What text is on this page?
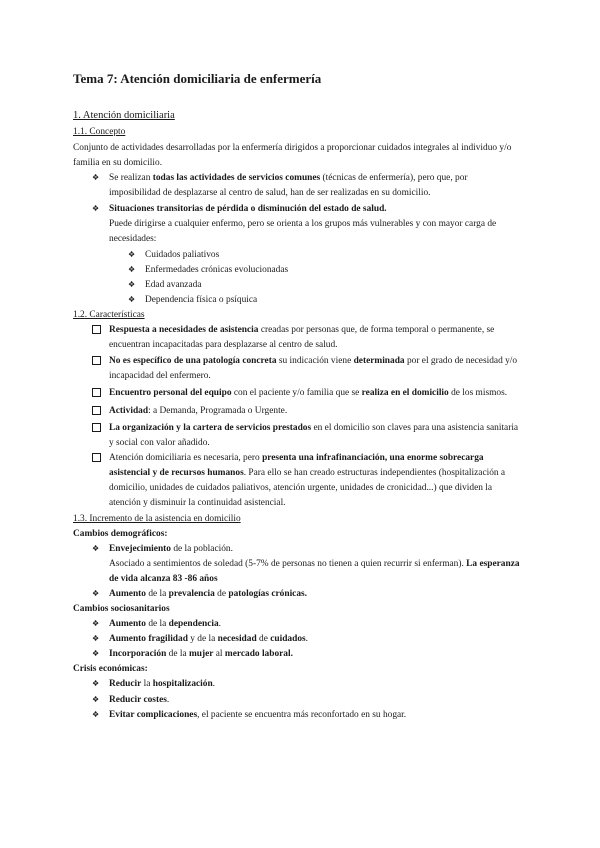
Tema 7: Atención domiciliaria de enfermería
1. Atención domiciliaria
1.1. Concepto
Conjunto de actividades desarrolladas por la enfermería dirigidos a proporcionar cuidados integrales al individuo y/o
familia en su domicilio.
❖ Se realizan todas las actividades de servicios comunes (técnicas de enfermería), pero que, por
imposibilidad de desplazarse al centro de salud, han de ser realizadas en su domicilio.
❖ Situaciones transitorias de pérdida o disminución del estado de salud.
Puede dirigirse a cualquier enfermo, pero se orienta a los grupos más vulnerables y con mayor carga de
necesidades:
❖ Cuidados paliativos
❖ Enfermedades crónicas evolucionadas
❖ Edad avanzada
❖ Dependencia física o psíquica
1.2. Características
Respuesta a necesidades de asistencia creadas por personas que, de forma temporal o permanente, se
encuentran incapacitadas para desplazarse al centro de salud.
No es específico de una patología concreta su indicación viene determinada por el grado de necesidad y/o
incapacidad del enfermero.
Encuentro personal del equipo con el paciente y/o familia que se realiza en el domicilio de los mismos.
Actividad: a Demanda, Programada o Urgente.
La organización y la cartera de servicios prestados en el domicilio son claves para una asistencia sanitaria
y social con valor añadido.
Atención domiciliaria es necesaria, pero presenta una infrafinanciación, una enorme sobrecarga
asistencial y de recursos humanos. Para ello se han creado estructuras independientes (hospitalización a
domicilio, unidades de cuidados paliativos, atención urgente, unidades de cronicidad...) que dividen la
atención y disminuir la continuidad asistencial.
1.3. Incremento de la asistencia en domicilio
Cambios demográficos:
❖ Envejecimiento de la población.
Asociado a sentimientos de soledad (5-7% de personas no tienen a quien recurrir si enferman). La esperanza
de vida alcanza 83 -86 años
❖ Aumento de la prevalencia de patologías crónicas.
Cambios sociosanitarios
❖ Aumento de la dependencia.
❖ Aumento fragilidad y de la necesidad de cuidados.
❖ Incorporación de la mujer al mercado laboral.
Crisis económicas:
❖ Reducir la hospitalización.
❖ Reducir costes.
❖ Evitar complicaciones, el paciente se encuentra más reconfortado en su hogar.
